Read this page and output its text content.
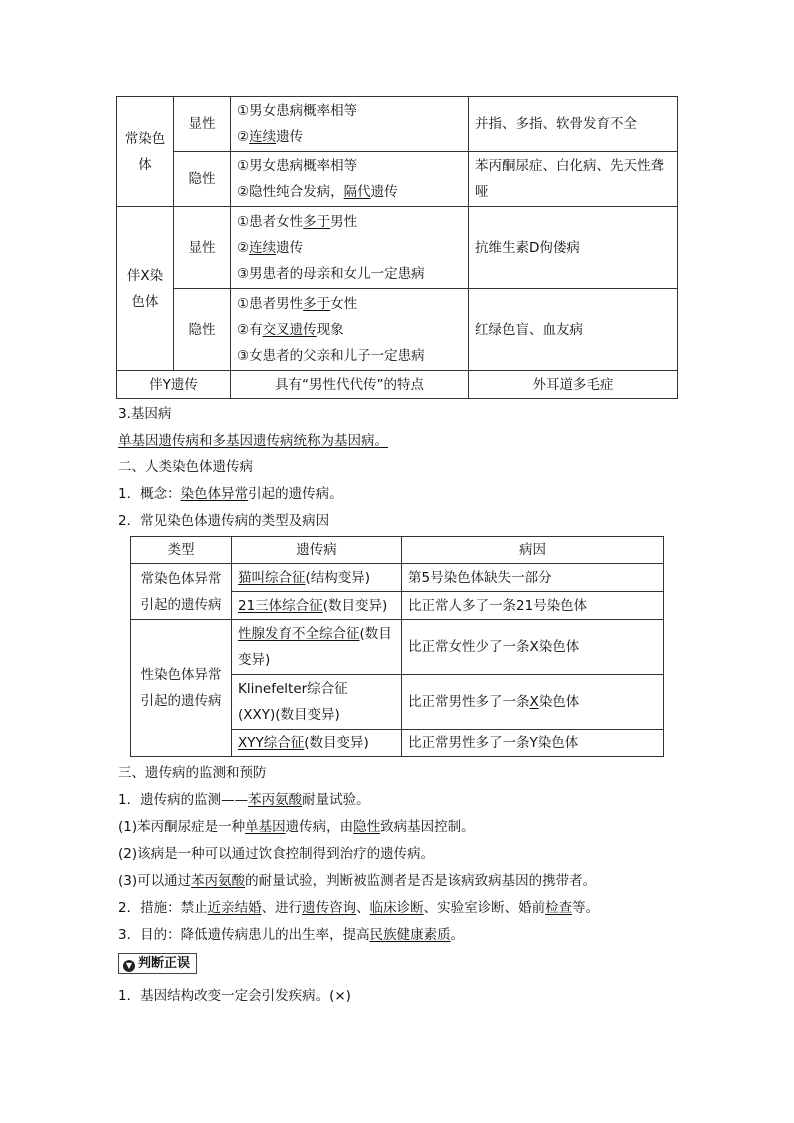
常染色体	显性	①男女患病概率相等
②连续遗传	并指、多指、软骨发育不全
	隐性	①男女患病概率相等
②隐性纯合发病，隔代遗传	苯丙酮尿症、白化病、先天性聋哑
伴X染色体	显性	①患者女性多于男性
②连续遗传
③男患者的母亲和女儿一定患病	抗维生素D佝偻病
	隐性	①患者男性多于女性
②有交叉遗传现象
③女患者的父亲和儿子一定患病	红绿色盲、血友病
伴Y遗传		具有“男性代代传”的特点	外耳道多毛症
3.基因病
单基因遗传病和多基因遗传病统称为基因病。
二、人类染色体遗传病
1．概念：染色体异常引起的遗传病。
2．常见染色体遗传病的类型及病因
类型	遗传病	病因
常染色体异常引起的遗传病	猫叫综合征(结构变异)	第5号染色体缺失一部分
	21三体综合征(数目变异)	比正常人多了一条21号染色体
性染色体异常引起的遗传病	性腺发育不全综合征(数目变异)	比正常女性少了一条X染色体
	Klinefelter综合征
(XXY)(数目变异)	比正常男性多了一条X染色体
	XYY综合征(数目变异)	比正常男性多了一条Y染色体
三、遗传病的监测和预防
1．遗传病的监测——苯丙氨酸耐量试验。
(1)苯丙酮尿症是一种单基因遗传病，由隐性致病基因控制。
(2)该病是一种可以通过饮食控制得到治疗的遗传病。
(3)可以通过苯丙氨酸的耐量试验，判断被监测者是否是该病致病基因的携带者。
2．措施：禁止近亲结婚、进行遗传咨询、临床诊断、实验室诊断、婚前检查等。
3．目的：降低遗传病患儿的出生率，提高民族健康素质。
▼ 判断正误
1．基因结构改变一定会引发疾病。(×)
